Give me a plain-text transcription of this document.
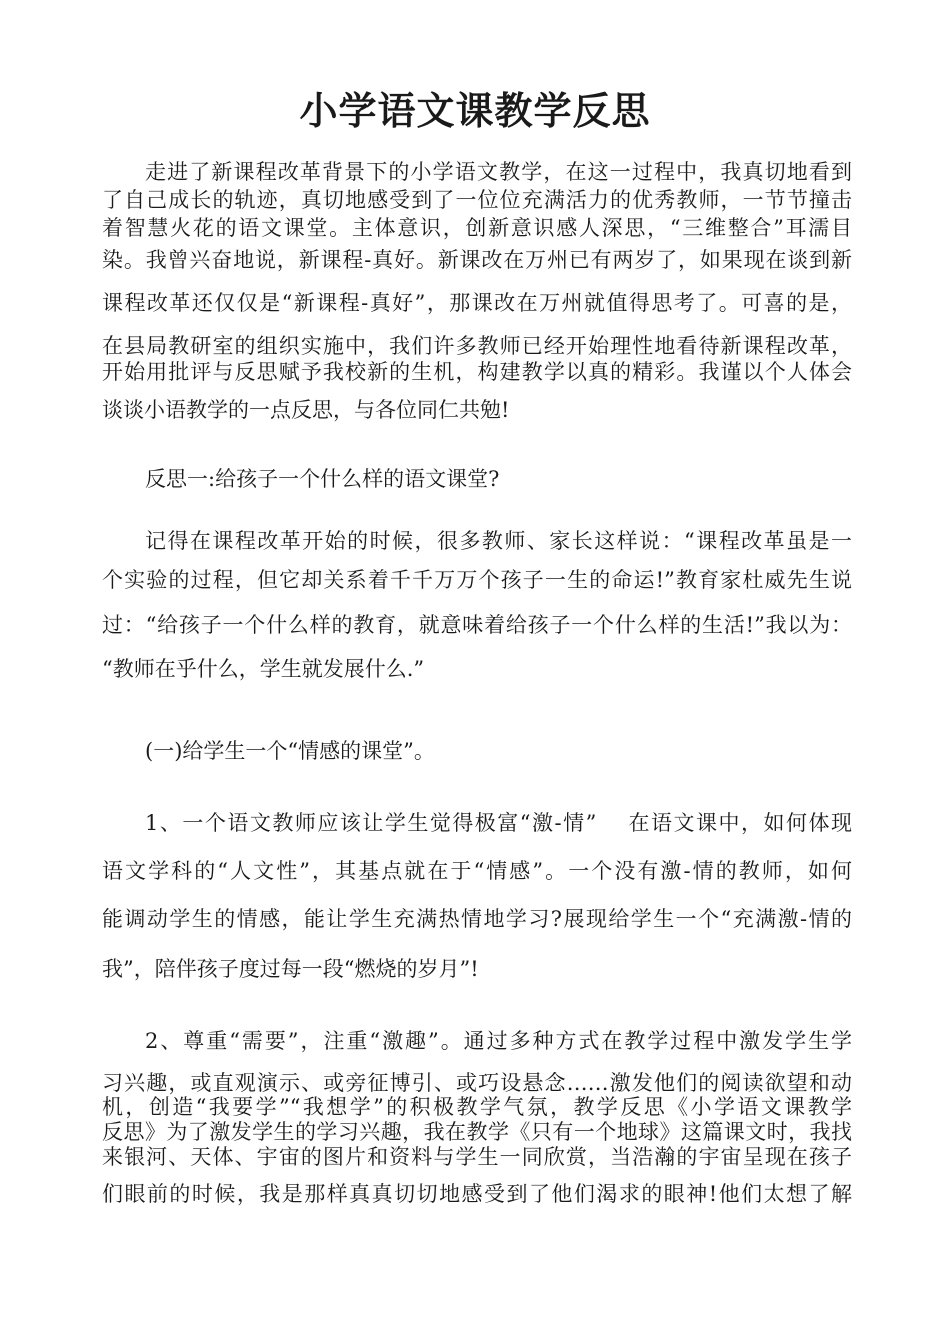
小学语文课教学反思

走进了新课程改革背景下的小学语文教学，在这一过程中，我真切地看到

了自己成长的轨迹，真切地感受到了一位位充满活力的优秀教师，一节节撞击

着智慧火花的语文课堂。主体意识，创新意识感人深思，“三维整合”耳濡目

染。我曾兴奋地说，新课程-真好。新课改在万州已有两岁了，如果现在谈到新

课程改革还仅仅是“新课程-真好”，那课改在万州就值得思考了。可喜的是，

在县局教研室的组织实施中，我们许多教师已经开始理性地看待新课程改革，

开始用批评与反思赋予我校新的生机，构建教学以真的精彩。我谨以个人体会

谈谈小语教学的一点反思，与各位同仁共勉!

反思一:给孩子一个什么样的语文课堂?

记得在课程改革开始的时候，很多教师、家长这样说：“课程改革虽是一

个实验的过程，但它却关系着千千万万个孩子一生的命运!”教育家杜威先生说

过：“给孩子一个什么样的教育，就意味着给孩子一个什么样的生活!”我以为：

“教师在乎什么，学生就发展什么.”

(一)给学生一个“情感的课堂”。

1、一个语文教师应该让学生觉得极富“激-情”　 在语文课中，如何体现

语文学科的“人文性”，其基点就在于“情感”。一个没有激-情的教师，如何

能调动学生的情感，能让学生充满热情地学习?展现给学生一个“充满激-情的

我”，陪伴孩子度过每一段“燃烧的岁月”!

2、尊重“需要”，注重“激趣”。通过多种方式在教学过程中激发学生学

习兴趣，或直观演示、或旁征博引、或巧设悬念……激发他们的阅读欲望和动

机，创造“我要学”“我想学”的积极教学气氛，教学反思《小学语文课教学

反思》为了激发学生的学习兴趣，我在教学《只有一个地球》这篇课文时，我找

来银河、天体、宇宙的图片和资料与学生一同欣赏，当浩瀚的宇宙呈现在孩子

们眼前的时候，我是那样真真切切地感受到了他们渴求的眼神!他们太想了解
